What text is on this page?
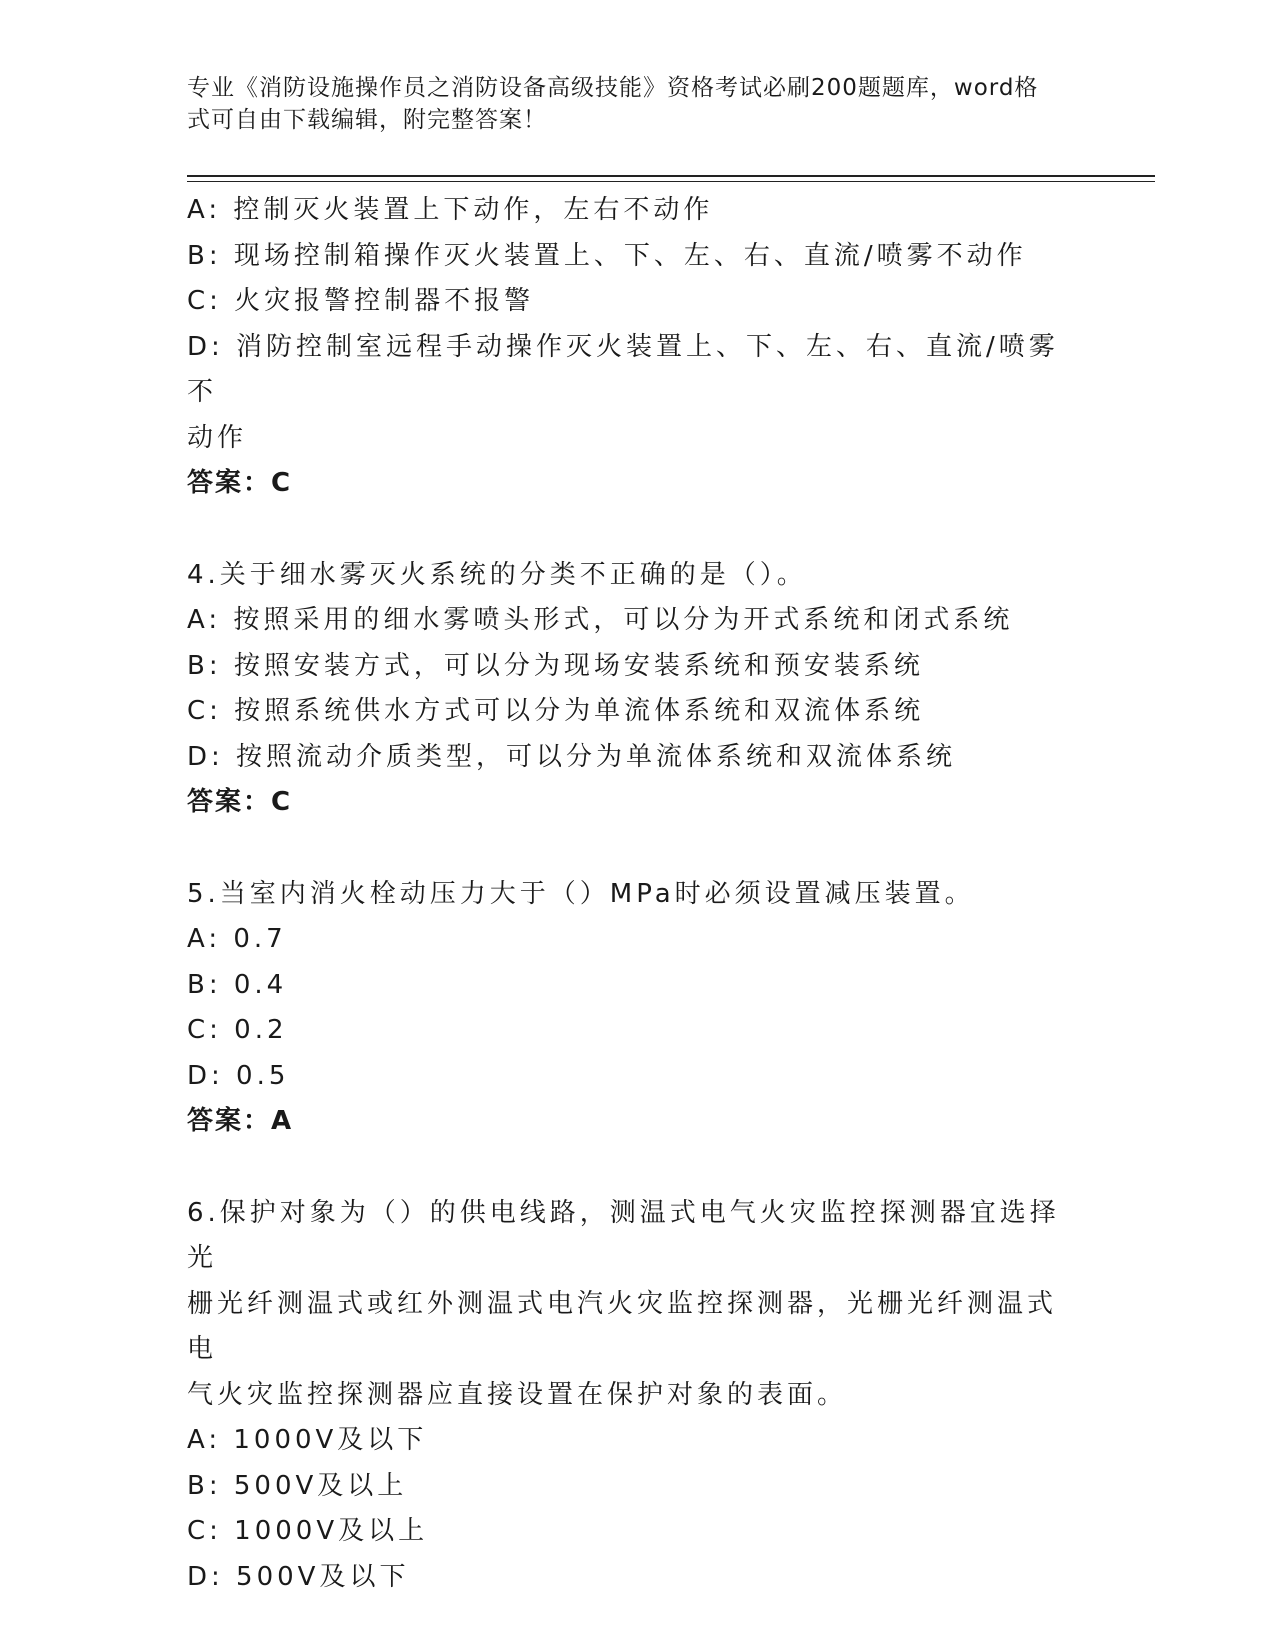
专业《消防设施操作员之消防设备高级技能》资格考试必刷200题题库，word格
式可自由下载编辑，附完整答案！
A: 控制灭火装置上下动作，左右不动作
B: 现场控制箱操作灭火装置上、下、左、右、直流/喷雾不动作
C: 火灾报警控制器不报警
D: 消防控制室远程手动操作灭火装置上、下、左、右、直流/喷雾不
动作
答案：C
4.关于细水雾灭火系统的分类不正确的是（）。
A: 按照采用的细水雾喷头形式，可以分为开式系统和闭式系统
B: 按照安装方式，可以分为现场安装系统和预安装系统
C: 按照系统供水方式可以分为单流体系统和双流体系统
D: 按照流动介质类型，可以分为单流体系统和双流体系统
答案：C
5.当室内消火栓动压力大于（）MPa时必须设置减压装置。
A: 0.7
B: 0.4
C: 0.2
D: 0.5
答案：A
6.保护对象为（）的供电线路，测温式电气火灾监控探测器宜选择光
栅光纤测温式或红外测温式电汽火灾监控探测器，光栅光纤测温式电
气火灾监控探测器应直接设置在保护对象的表面。
A: 1000V及以下
B: 500V及以上
C: 1000V及以上
D: 500V及以下
